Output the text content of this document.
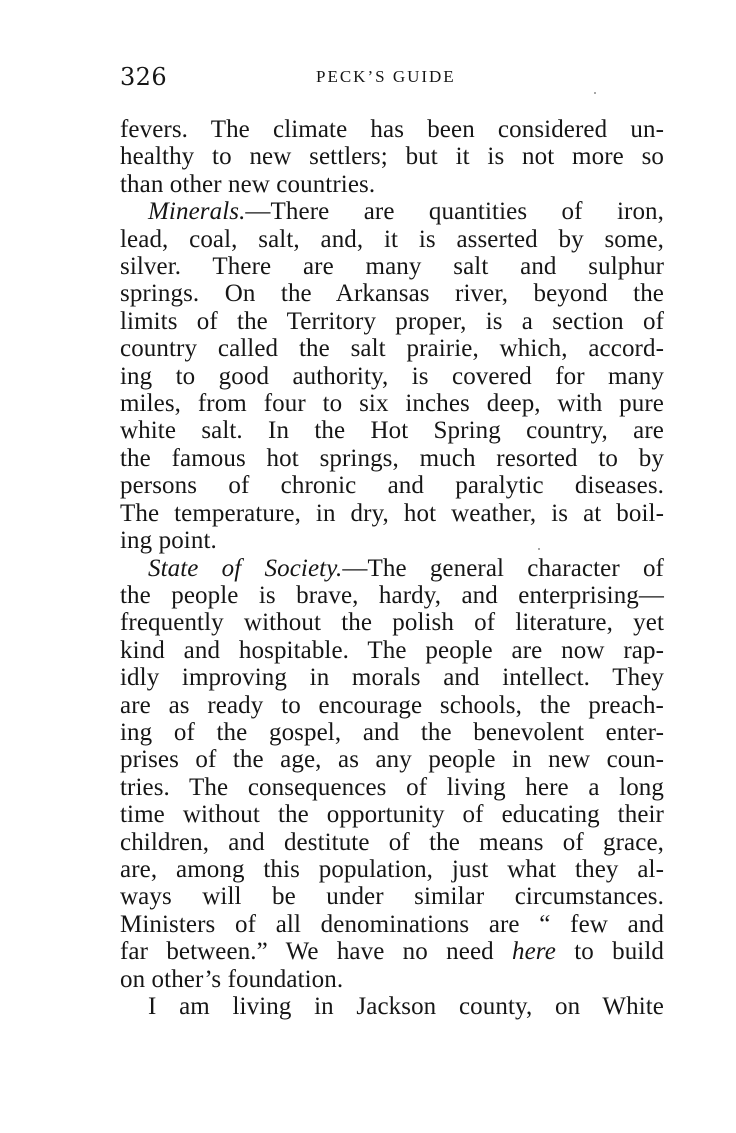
326	PECK’S GUIDE
fevers. The climate has been considered un-
healthy to new settlers; but it is not more so
than other new countries.
Minerals.—There are quantities of iron,
lead, coal, salt, and, it is asserted by some,
silver. There are many salt and sulphur
springs. On the Arkansas river, beyond the
limits of the Territory proper, is a section of
country called the salt prairie, which, accord-
ing to good authority, is covered for many
miles, from four to six inches deep, with pure
white salt. In the Hot Spring country, are
the famous hot springs, much resorted to by
persons of chronic and paralytic diseases.
The temperature, in dry, hot weather, is at boil-
ing point.
State of Society.—The general character of
the people is brave, hardy, and enterprising—
frequently without the polish of literature, yet
kind and hospitable. The people are now rap-
idly improving in morals and intellect. They
are as ready to encourage schools, the preach-
ing of the gospel, and the benevolent enter-
prises of the age, as any people in new coun-
tries. The consequences of living here a long
time without the opportunity of educating their
children, and destitute of the means of grace,
are, among this population, just what they al-
ways will be under similar circumstances.
Ministers of all denominations are “ few and
far between.” We have no need here to build
on other’s foundation.
I am living in Jackson county, on White
